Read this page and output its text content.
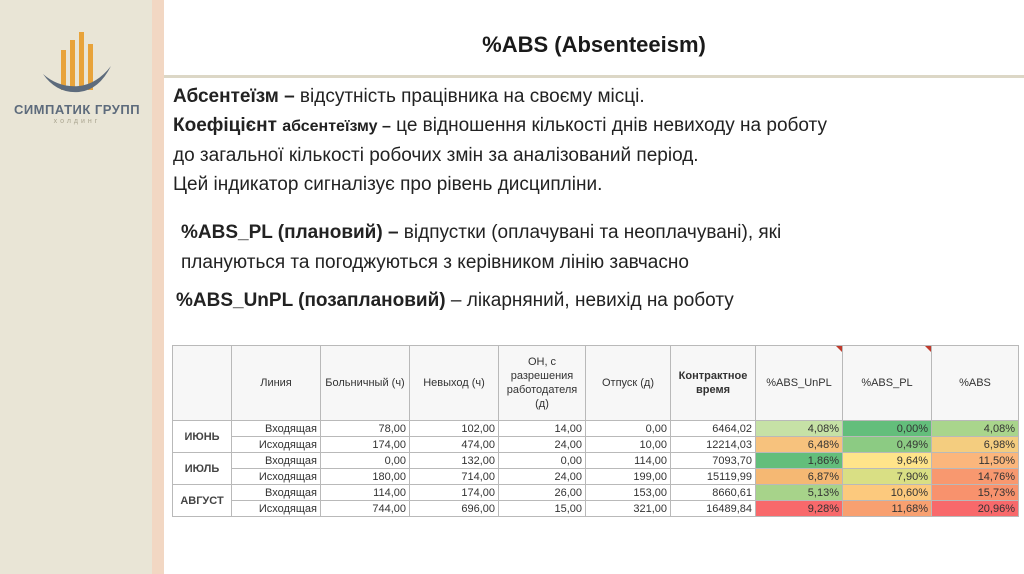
СИМПАТИК ГРУПП
холдинг
%ABS (Absenteeism)

Абсентеїзм – відсутність працівника на своєму місці.

Коефіцієнт абсентеїзму – це відношення кількості днів невиходу на роботу

до загальної кількості робочих змін за аналізований період.

Цей індикатор сигналізує про рівень дисципліни.

%ABS_PL (плановий) – відпустки (оплачувані та неоплачувані), які

плануються та погоджуються з керівником лінію завчасно

%ABS_UnPL (позаплановий) – лікарняний, невихід на роботу

	Линия	Больничный (ч)	Невыход (ч)	ОН, с разрешения работодателя (д)	Отпуск (д)	Контрактное время	%ABS_UnPL	%ABS_PL	%ABS
ИЮНЬ	Входящая	78,00	102,00	14,00	0,00	6464,02	4,08%	0,00%	4,08%
	Исходящая	174,00	474,00	24,00	10,00	12214,03	6,48%	0,49%	6,98%
ИЮЛЬ	Входящая	0,00	132,00	0,00	114,00	7093,70	1,86%	9,64%	11,50%
	Исходящая	180,00	714,00	24,00	199,00	15119,99	6,87%	7,90%	14,76%
АВГУСТ	Входящая	114,00	174,00	26,00	153,00	8660,61	5,13%	10,60%	15,73%
	Исходящая	744,00	696,00	15,00	321,00	16489,84	9,28%	11,68%	20,96%
